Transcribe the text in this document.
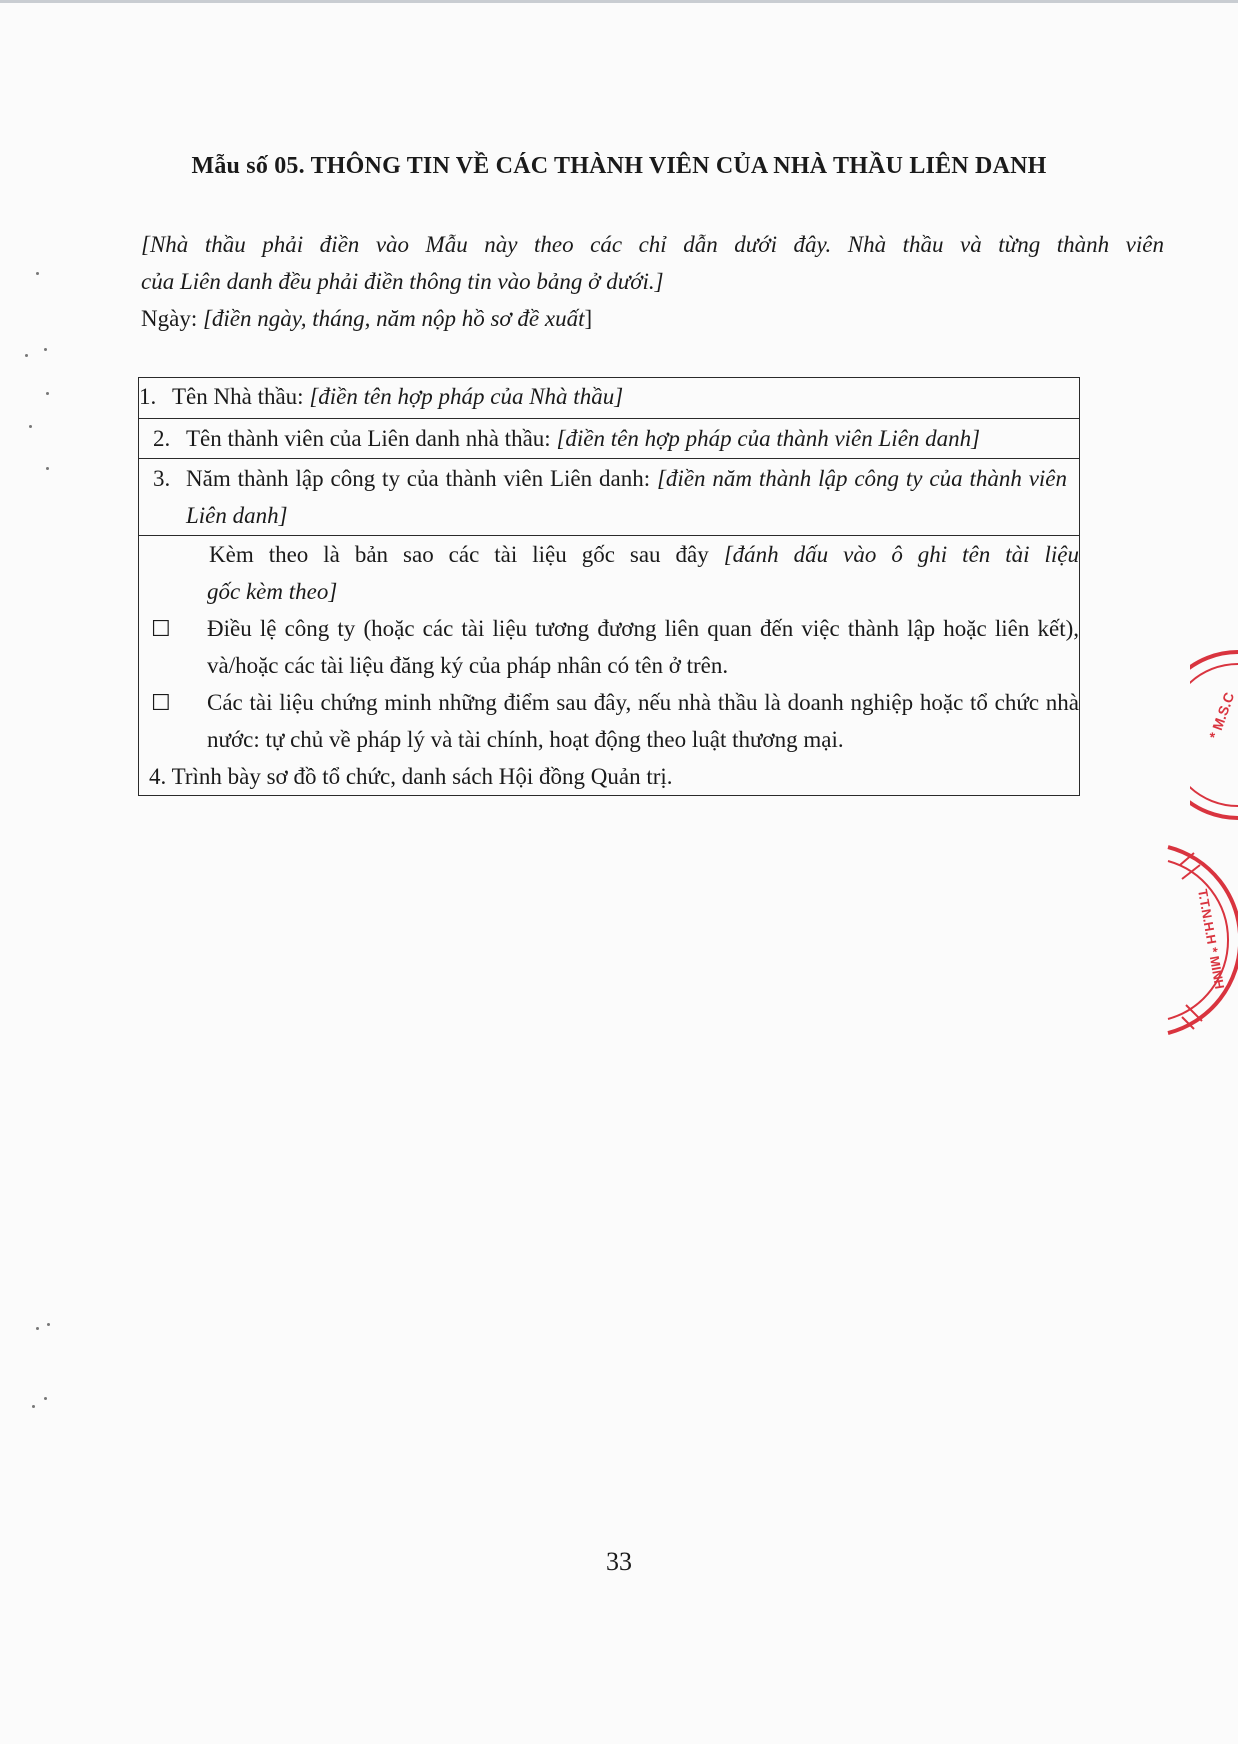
Mẫu số 05. THÔNG TIN VỀ CÁC THÀNH VIÊN CỦA NHÀ THẦU LIÊN DANH

[Nhà thầu phải điền vào Mẫu này theo các chỉ dẫn dưới đây. Nhà thầu và từng thành viên

của Liên danh đều phải điền thông tin vào bảng ở dưới.]

Ngày: [điền ngày, tháng, năm nộp hồ sơ đề xuất]

1. Tên Nhà thầu: [điền tên hợp pháp của Nhà thầu]

2. Tên thành viên của Liên danh nhà thầu: [điền tên hợp pháp của thành viên Liên danh]

3. Năm thành lập công ty của thành viên Liên danh: [điền năm thành lập công ty của thành viên Liên danh]

Kèm theo là bản sao các tài liệu gốc sau đây [đánh dấu vào ô ghi tên tài liệu
gốc kèm theo]
☐ Điều lệ công ty (hoặc các tài liệu tương đương liên quan đến việc thành lập hoặc liên kết), và/hoặc các tài liệu đăng ký của pháp nhân có tên ở trên.
☐ Các tài liệu chứng minh những điểm sau đây, nếu nhà thầu là doanh nghiệp hoặc tổ chức nhà nước: tự chủ về pháp lý và tài chính, hoạt động theo luật thương mại.
4. Trình bày sơ đồ tổ chức, danh sách Hội đồng Quản trị.
33
* M.S.C
T.T.N.H.H * MINH
